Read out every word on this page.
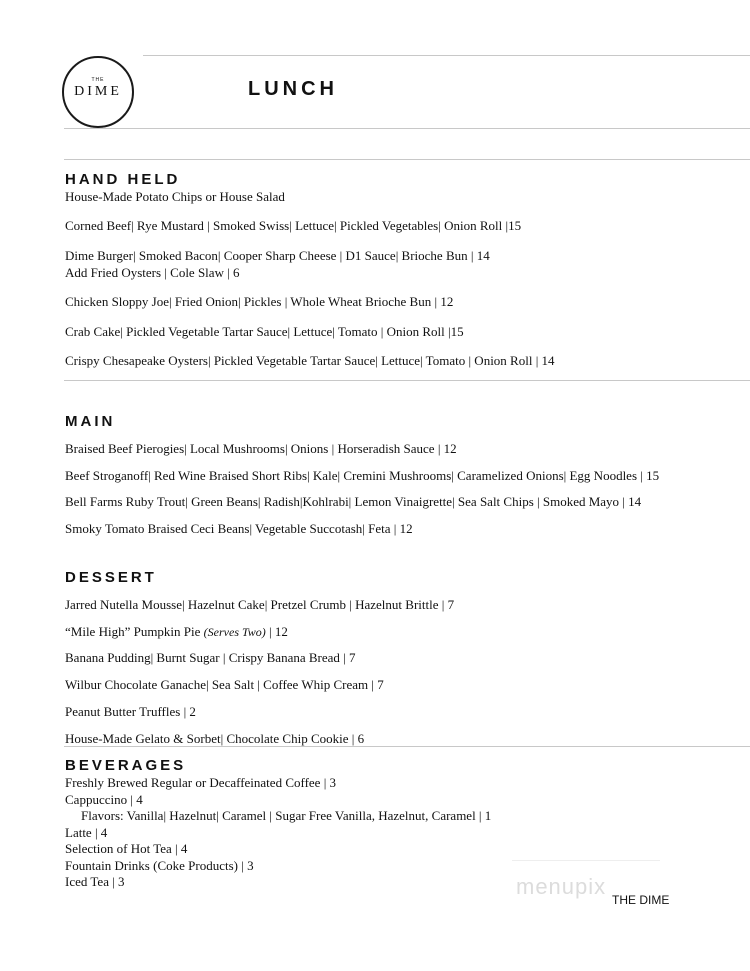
THE
DIME	LUNCH
HAND HELD

House-Made Potato Chips or House Salad

Corned Beef| Rye Mustard | Smoked Swiss| Lettuce| Pickled Vegetables| Onion Roll |15

Dime Burger| Smoked Bacon| Cooper Sharp Cheese | D1 Sauce| Brioche Bun | 14

Add Fried Oysters | Cole Slaw | 6

Chicken Sloppy Joe| Fried Onion| Pickles | Whole Wheat Brioche Bun | 12

Crab Cake| Pickled Vegetable Tartar Sauce| Lettuce| Tomato | Onion Roll |15

Crispy Chesapeake Oysters| Pickled Vegetable Tartar Sauce| Lettuce| Tomato | Onion Roll | 14

MAIN

Braised Beef Pierogies| Local Mushrooms| Onions | Horseradish Sauce | 12

Beef Stroganoff| Red Wine Braised Short Ribs| Kale| Cremini Mushrooms| Caramelized Onions| Egg Noodles | 15

Bell Farms Ruby Trout| Green Beans| Radish|Kohlrabi| Lemon Vinaigrette| Sea Salt Chips | Smoked Mayo | 14

Smoky Tomato Braised Ceci Beans| Vegetable Succotash| Feta | 12

DESSERT

Jarred Nutella Mousse| Hazelnut Cake| Pretzel Crumb | Hazelnut Brittle | 7

“Mile High” Pumpkin Pie (Serves Two) | 12

Banana Pudding| Burnt Sugar | Crispy Banana Bread | 7

Wilbur Chocolate Ganache| Sea Salt | Coffee Whip Cream | 7

Peanut Butter Truffles | 2

House-Made Gelato & Sorbet| Chocolate Chip Cookie | 6

BEVERAGES

Freshly Brewed Regular or Decaffeinated Coffee | 3

Cappuccino | 4

Flavors: Vanilla| Hazelnut| Caramel | Sugar Free Vanilla, Hazelnut, Caramel | 1

Latte | 4

Selection of Hot Tea | 4

Fountain Drinks (Coke Products) | 3

Iced Tea | 3	menupix
THE DIME
